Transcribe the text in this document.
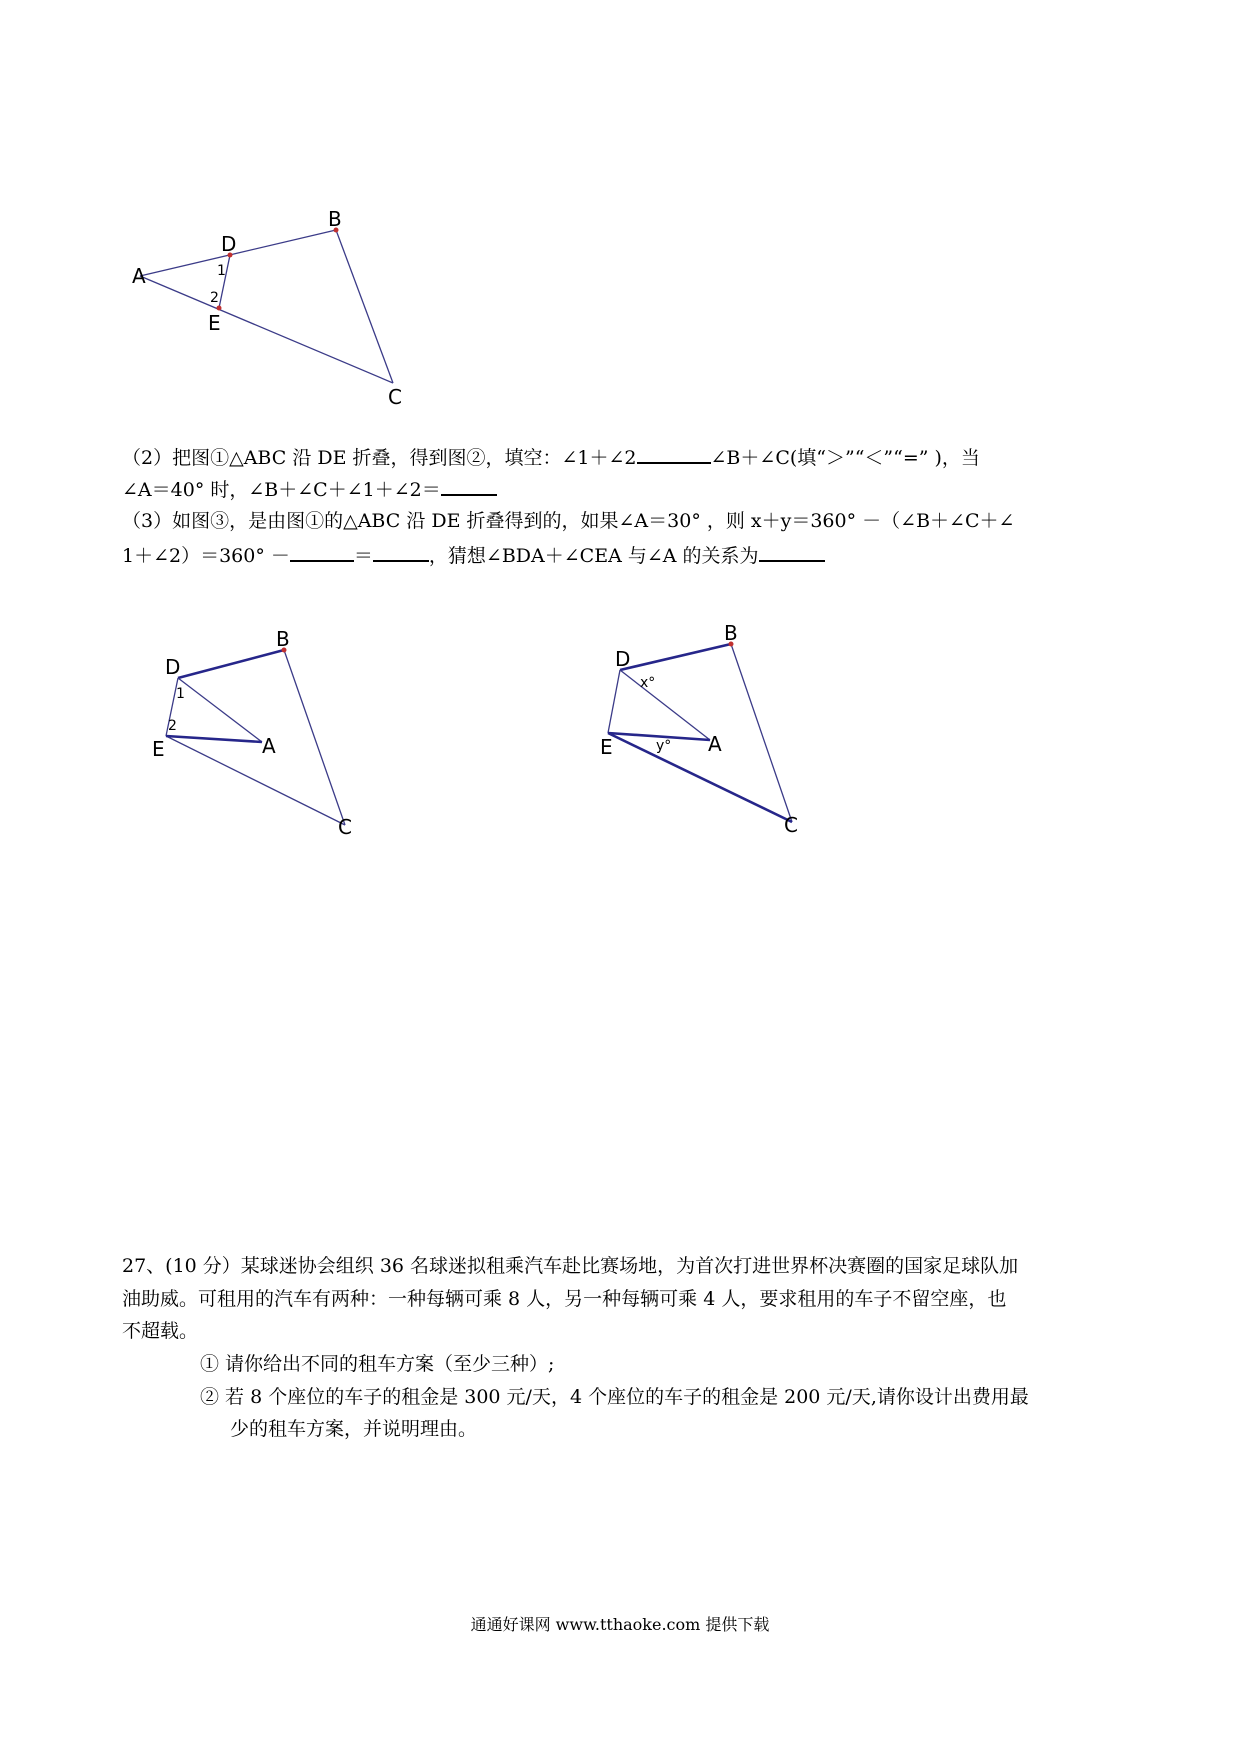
A
B
C
D
E
1
2
（2）把图①△ABC 沿 DE 折叠，得到图②，填空：∠1＋∠2	∠B＋∠C(填“＞”“＜”“=” )，当
∠A＝40° 时，∠B＋∠C＋∠1＋∠2＝
（3）如图③，是由图①的△ABC 沿 DE 折叠得到的，如果∠A＝30° ，则 x＋y＝360° －（∠B＋∠C＋∠
1＋∠2）＝360° －	＝	，猜想∠BDA＋∠CEA 与∠A 的关系为
B
C
D
E	A
1
2
B
C
D
E	A
x°
y°
27、(10 分）某球迷协会组织 36 名球迷拟租乘汽车赴比赛场地，为首次打进世界杯决赛圈的国家足球队加
油助威。可租用的汽车有两种：一种每辆可乘 8 人，另一种每辆可乘 4 人，要求租用的车子不留空座，也
不超载。
① 请你给出不同的租车方案（至少三种）;
② 若 8 个座位的车子的租金是 300 元/天，4 个座位的车子的租金是 200 元/天,请你设计出费用最
少的租车方案，并说明理由。
通通好课网 www.tthaoke.com 提供下载
